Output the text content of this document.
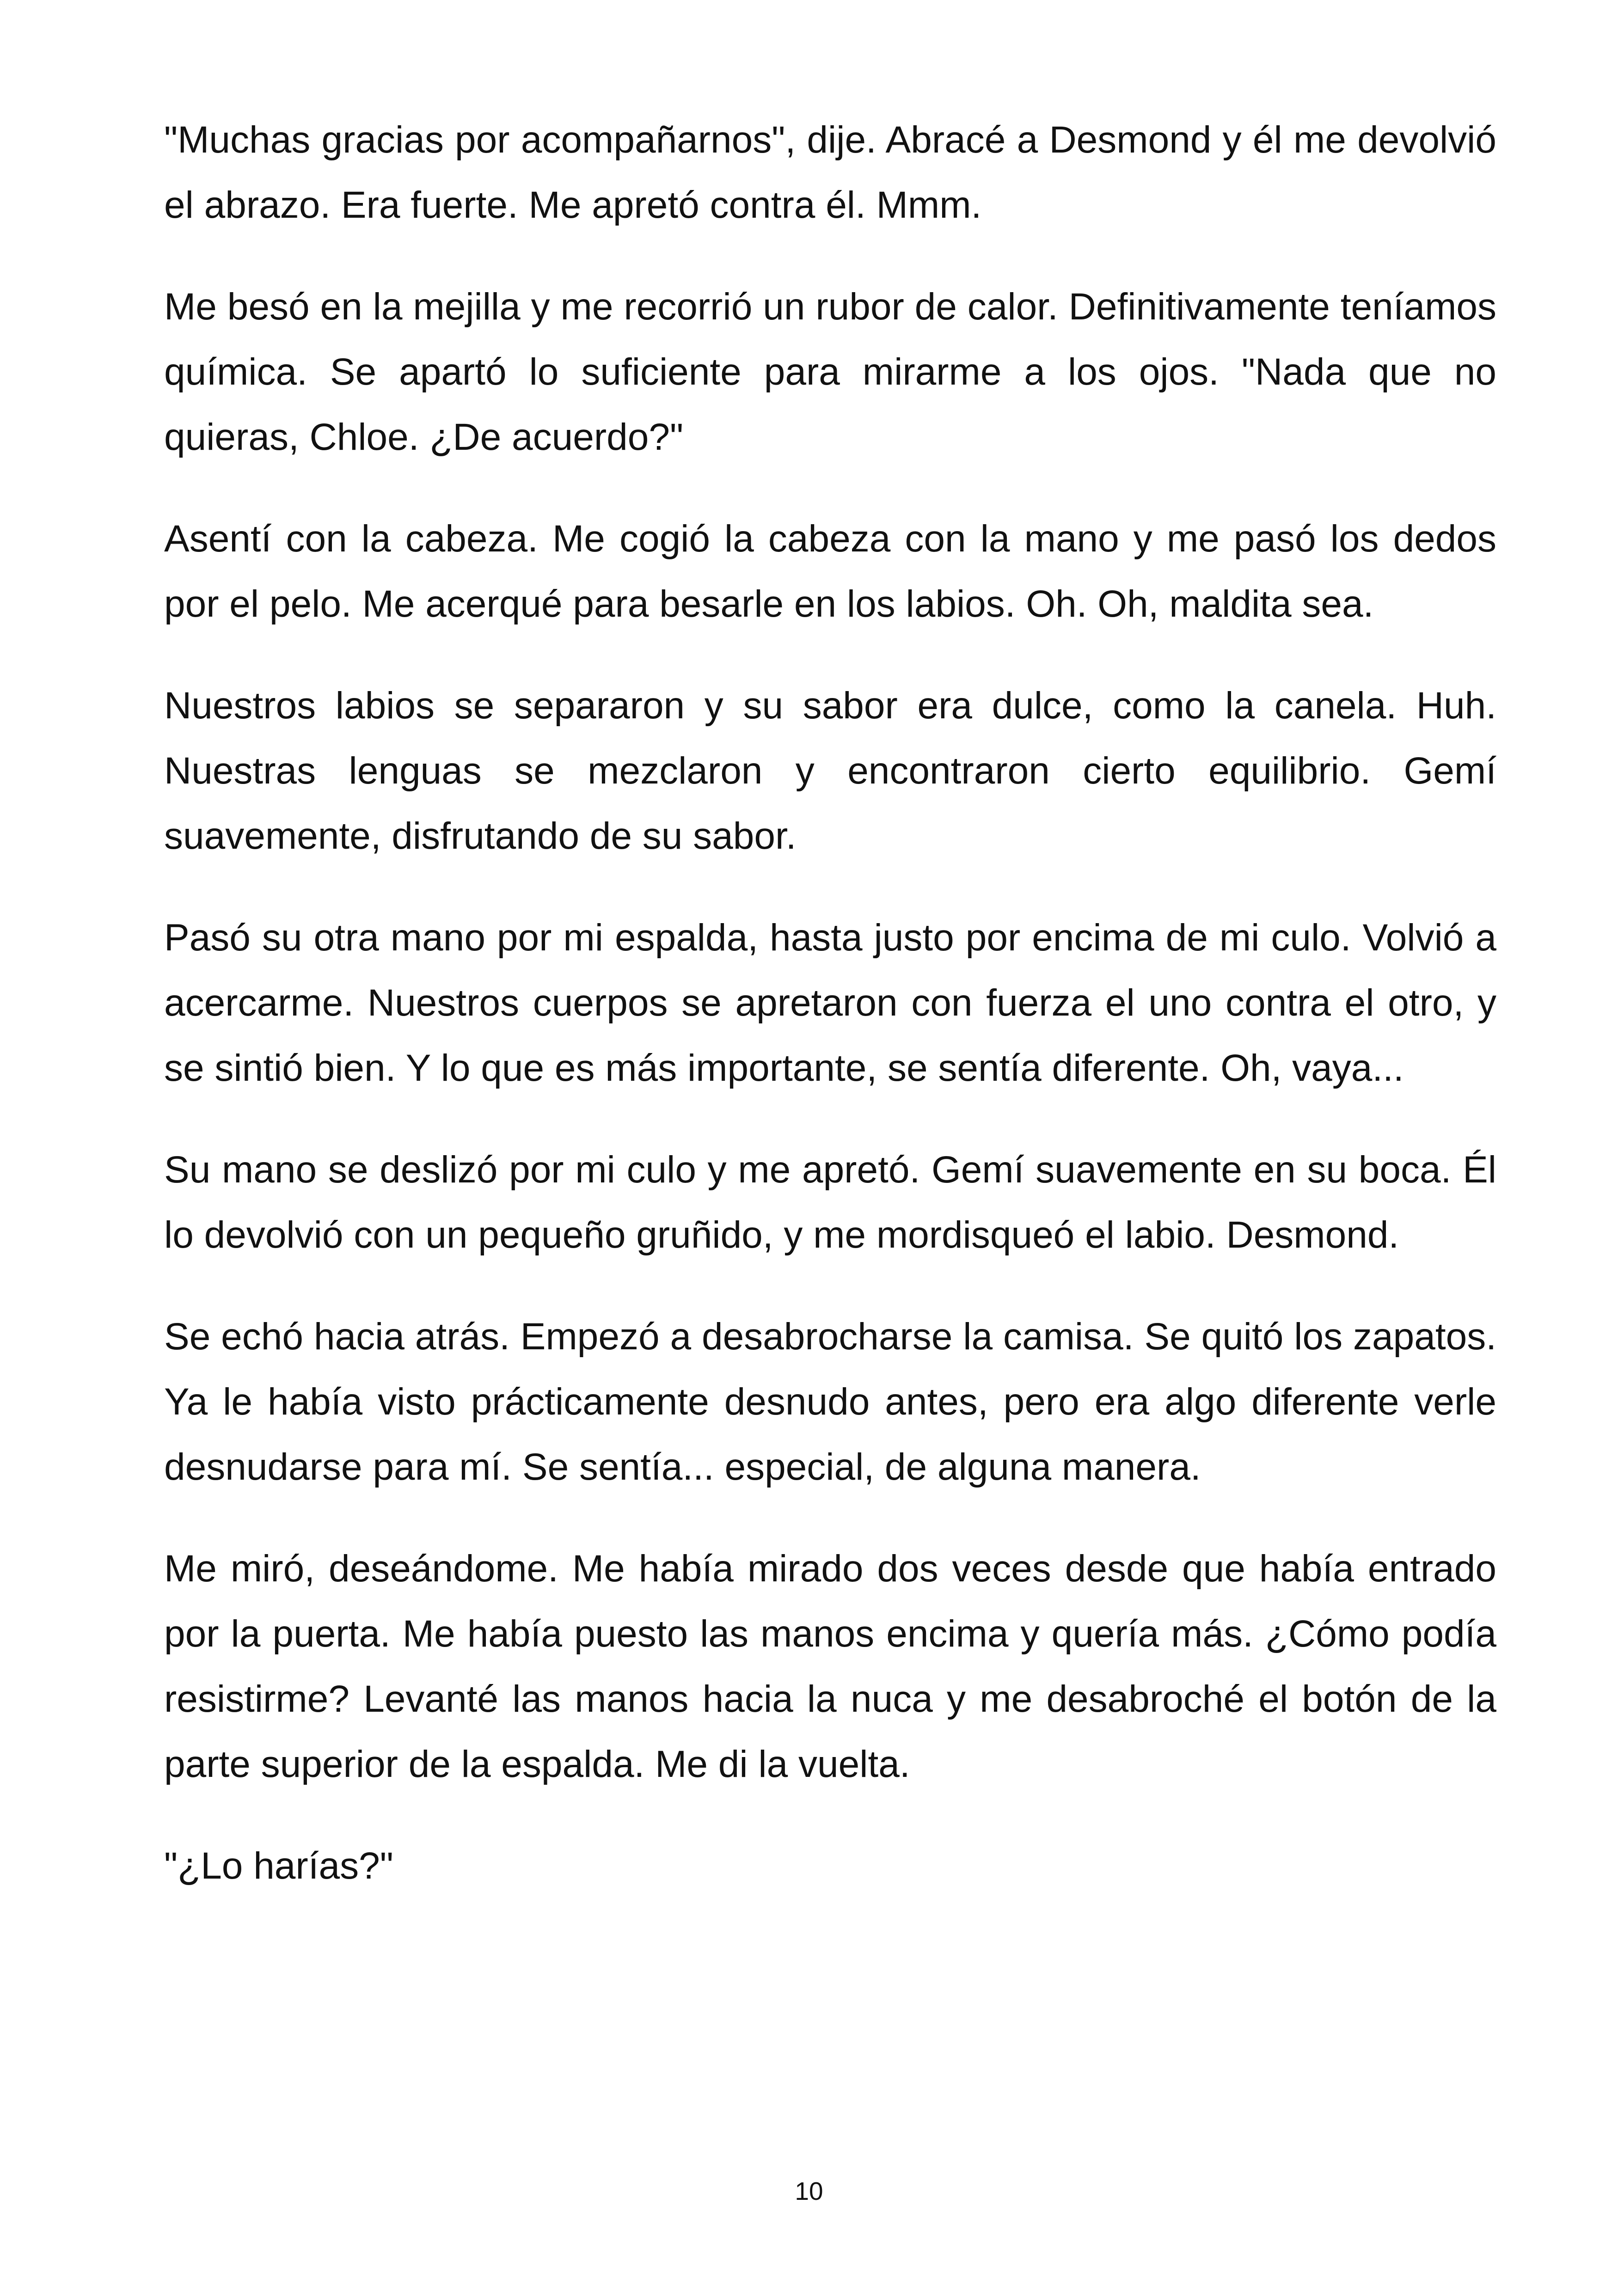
"Muchas gracias por acompañarnos", dije. Abracé a Desmond y él me devolvió el abrazo. Era fuerte. Me apretó contra él. Mmm.

Me besó en la mejilla y me recorrió un rubor de calor. Definitivamente teníamos química. Se apartó lo suficiente para mirarme a los ojos. "Nada que no quieras, Chloe. ¿De acuerdo?"

Asentí con la cabeza. Me cogió la cabeza con la mano y me pasó los dedos por el pelo. Me acerqué para besarle en los labios. Oh. Oh, maldita sea.

Nuestros labios se separaron y su sabor era dulce, como la canela. Huh. Nuestras lenguas se mezclaron y encontraron cierto equilibrio. Gemí suavemente, disfrutando de su sabor.

Pasó su otra mano por mi espalda, hasta justo por encima de mi culo. Volvió a acercarme. Nuestros cuerpos se apretaron con fuerza el uno contra el otro, y se sintió bien. Y lo que es más importante, se sentía diferente. Oh, vaya...

Su mano se deslizó por mi culo y me apretó. Gemí suavemente en su boca. Él lo devolvió con un pequeño gruñido, y me mordisqueó el labio. Desmond.

Se echó hacia atrás. Empezó a desabrocharse la camisa. Se quitó los zapatos. Ya le había visto prácticamente desnudo antes, pero era algo diferente verle desnudarse para mí. Se sentía... especial, de alguna manera.

Me miró, deseándome. Me había mirado dos veces desde que había entrado por la puerta. Me había puesto las manos encima y quería más. ¿Cómo podía resistirme? Levanté las manos hacia la nuca y me desabroché el botón de la parte superior de la espalda. Me di la vuelta.

"¿Lo harías?"

10
